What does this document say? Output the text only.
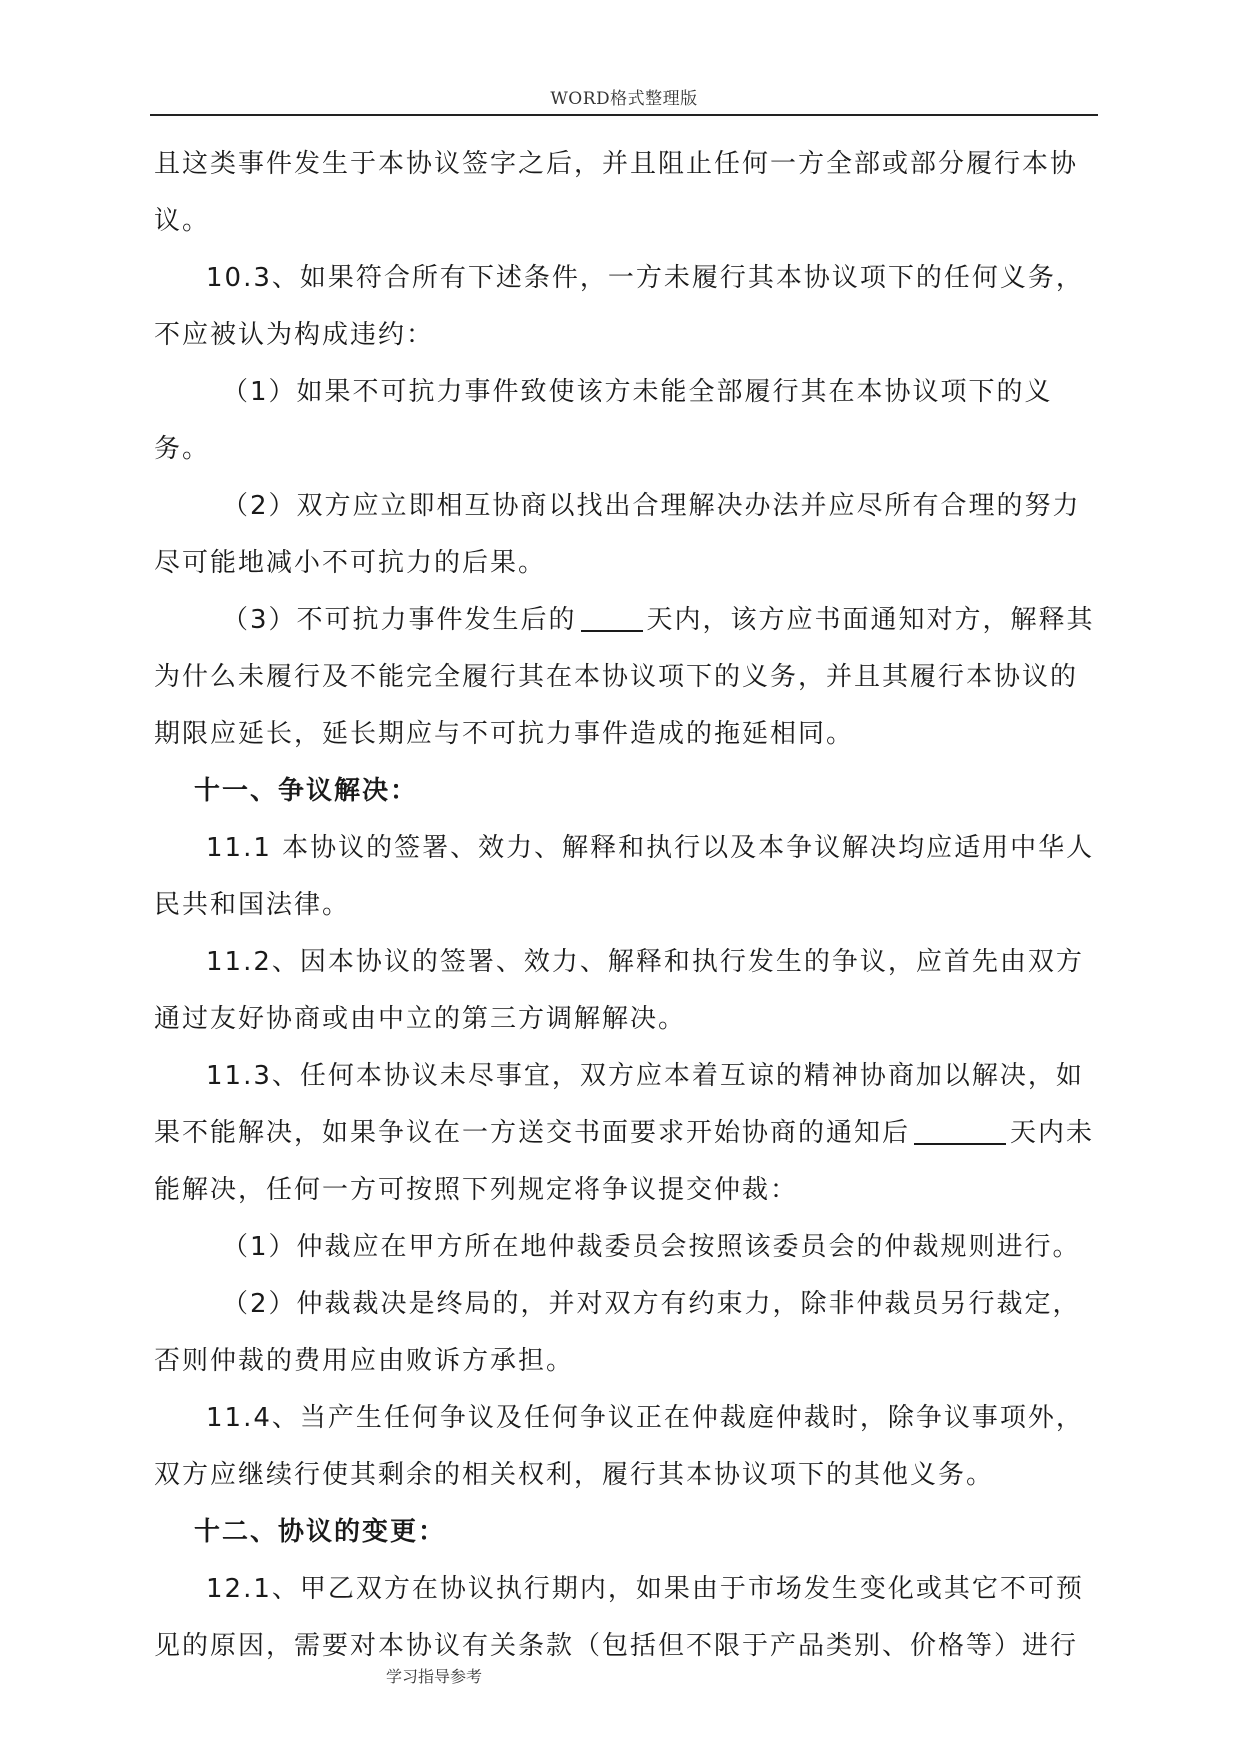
WORD格式整理版

且这类事件发生于本协议签字之后，并且阻止任何一方全部或部分履行本协议。

10.3、如果符合所有下述条件，一方未履行其本协议项下的任何义务，不应被认为构成违约：

（1）如果不可抗力事件致使该方未能全部履行其在本协议项下的义务。

（2）双方应立即相互协商以找出合理解决办法并应尽所有合理的努力尽可能地减小不可抗力的后果。

（3）不可抗力事件发生后的	天内，该方应书面通知对方，解释其为什么未履行及不能完全履行其在本协议项下的义务，并且其履行本协议的期限应延长，延长期应与不可抗力事件造成的拖延相同。

十一、争议解决：

11.1 本协议的签署、效力、解释和执行以及本争议解决均应适用中华人民共和国法律。

11.2、因本协议的签署、效力、解释和执行发生的争议，应首先由双方通过友好协商或由中立的第三方调解解决。

11.3、任何本协议未尽事宜，双方应本着互谅的精神协商加以解决，如果不能解决，如果争议在一方送交书面要求开始协商的通知后	天内未能解决，任何一方可按照下列规定将争议提交仲裁：

（1）仲裁应在甲方所在地仲裁委员会按照该委员会的仲裁规则进行。

（2）仲裁裁决是终局的，并对双方有约束力，除非仲裁员另行裁定，否则仲裁的费用应由败诉方承担。

11.4、当产生任何争议及任何争议正在仲裁庭仲裁时，除争议事项外，双方应继续行使其剩余的相关权利，履行其本协议项下的其他义务。

十二、协议的变更：

12.1、甲乙双方在协议执行期内，如果由于市场发生变化或其它不可预见的原因，需要对本协议有关条款（包括但不限于产品类别、价格等）进行

学习指导参考
